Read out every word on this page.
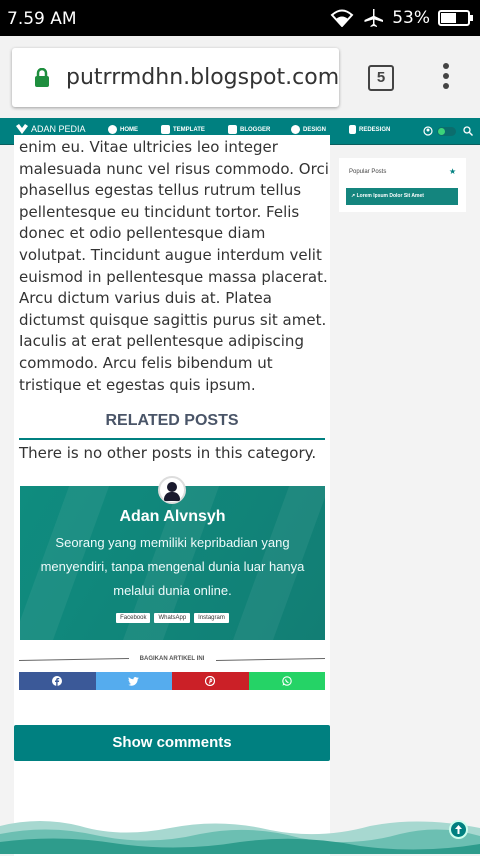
7.59 AM	53%
putrrmdhn.blogspot.com	5
ADAN PEDIA	HOME	TEMPLATE	BLOGGER	DESIGN	REDESIGN

enim eu. Vitae ultricies leo integer malesuada nunc vel risus commodo. Orci phasellus egestas tellus rutrum tellus pellentesque eu tincidunt tortor. Felis donec et odio pellentesque diam volutpat. Tincidunt augue interdum velit euismod in pellentesque massa placerat. Arcu dictum varius duis at. Platea dictumst quisque sagittis purus sit amet. Iaculis at erat pellentesque adipiscing commodo. Arcu felis bibendum ut tristique et egestas quis ipsum.

RELATED POSTS
There is no other posts in this category.
Adan Alvnsyh
Seorang yang memiliki kepribadian yang menyendiri, tanpa mengenal dunia luar hanya melalui dunia online.
Facebook	WhatsApp	Instagram
BAGIKAN ARTIKEL INI
Show comments
Popular Posts	★
↗ Lorem Ipsum Dolor Sit Amet
